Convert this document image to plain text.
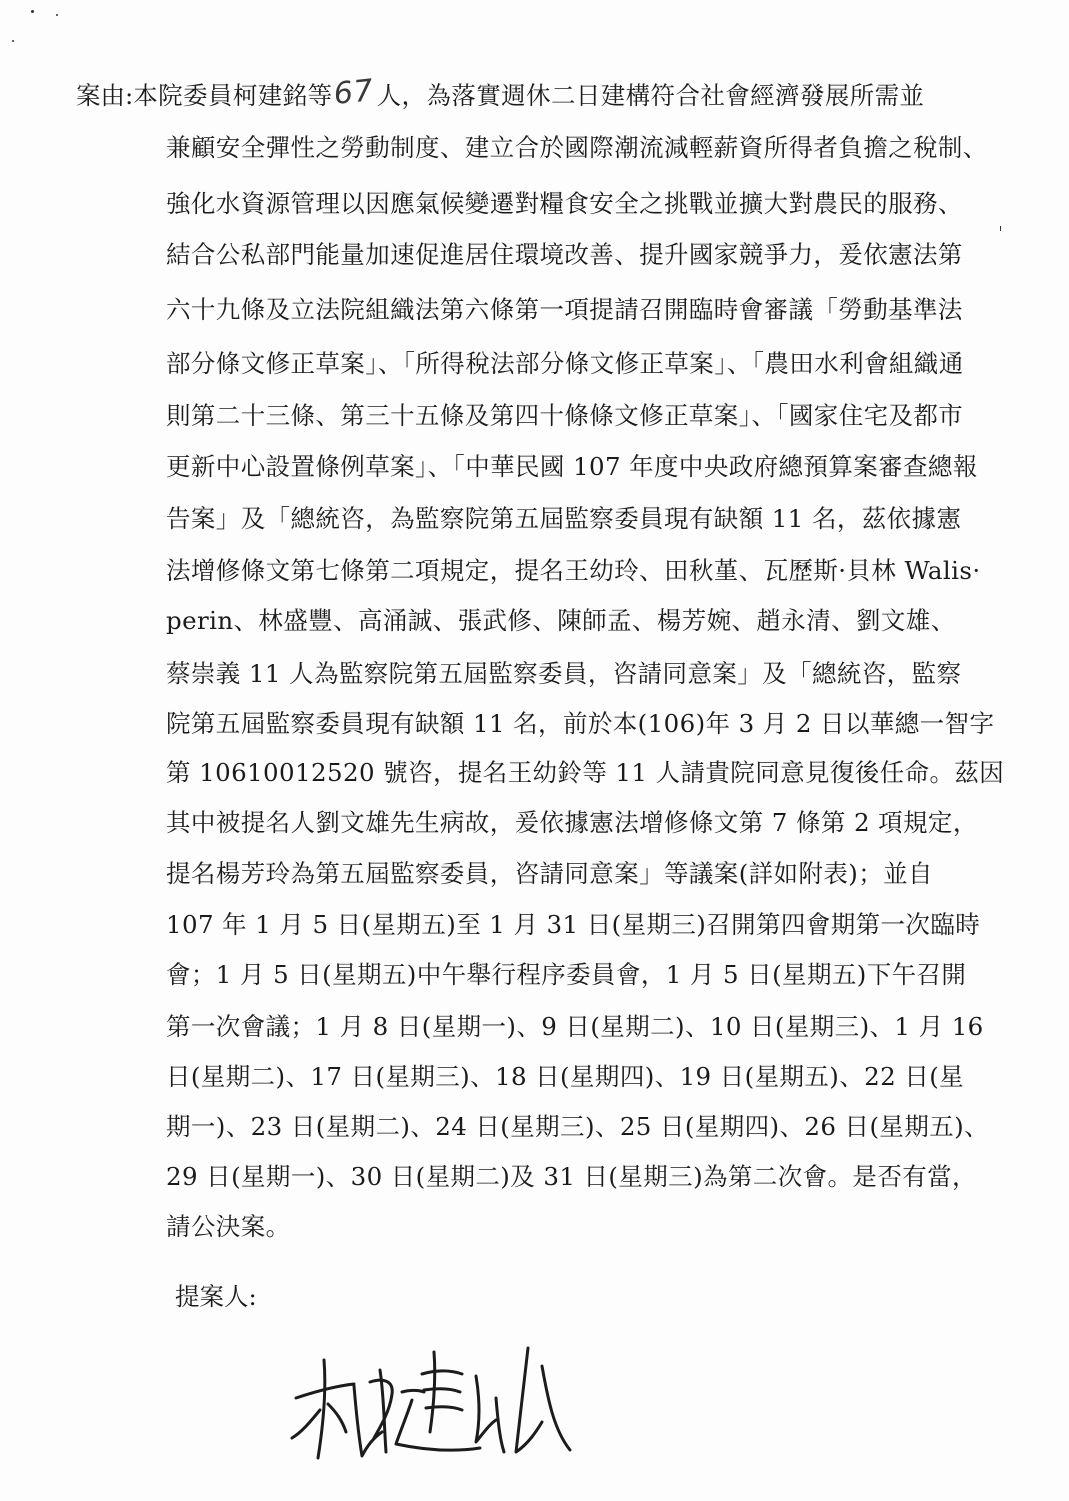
案由:本院委員柯建銘等67人，為落實週休二日建構符合社會經濟發展所需並
兼顧安全彈性之勞動制度、建立合於國際潮流減輕薪資所得者負擔之稅制、
強化水資源管理以因應氣候變遷對糧食安全之挑戰並擴大對農民的服務、
結合公私部門能量加速促進居住環境改善、提升國家競爭力，爰依憲法第
六十九條及立法院組織法第六條第一項提請召開臨時會審議「勞動基準法
部分條文修正草案」、「所得稅法部分條文修正草案」、「農田水利會組織通
則第二十三條、第三十五條及第四十條條文修正草案」、「國家住宅及都市
更新中心設置條例草案」、「中華民國 107 年度中央政府總預算案審查總報
告案」及「總統咨，為監察院第五屆監察委員現有缺額 11 名，茲依據憲
法增修條文第七條第二項規定，提名王幼玲、田秋堇、瓦歷斯·貝林 Walis·
perin、林盛豐、高涌誠、張武修、陳師孟、楊芳婉、趙永清、劉文雄、
蔡崇義 11 人為監察院第五屆監察委員，咨請同意案」及「總統咨，監察
院第五屆監察委員現有缺額 11 名，前於本(106)年 3 月 2 日以華總一智字
第 10610012520 號咨，提名王幼鈴等 11 人請貴院同意見復後任命。茲因
其中被提名人劉文雄先生病故，爰依據憲法增修條文第 7 條第 2 項規定，
提名楊芳玲為第五屆監察委員，咨請同意案」等議案(詳如附表)；並自
107 年 1 月 5 日(星期五)至 1 月 31 日(星期三)召開第四會期第一次臨時
會；1 月 5 日(星期五)中午舉行程序委員會，1 月 5 日(星期五)下午召開
第一次會議；1 月 8 日(星期一)、9 日(星期二)、10 日(星期三)、1 月 16
日(星期二)、17 日(星期三)、18 日(星期四)、19 日(星期五)、22 日(星
期一)、23 日(星期二)、24 日(星期三)、25 日(星期四)、26 日(星期五)、
29 日(星期一)、30 日(星期二)及 31 日(星期三)為第二次會。是否有當，
請公決案。
提案人:
